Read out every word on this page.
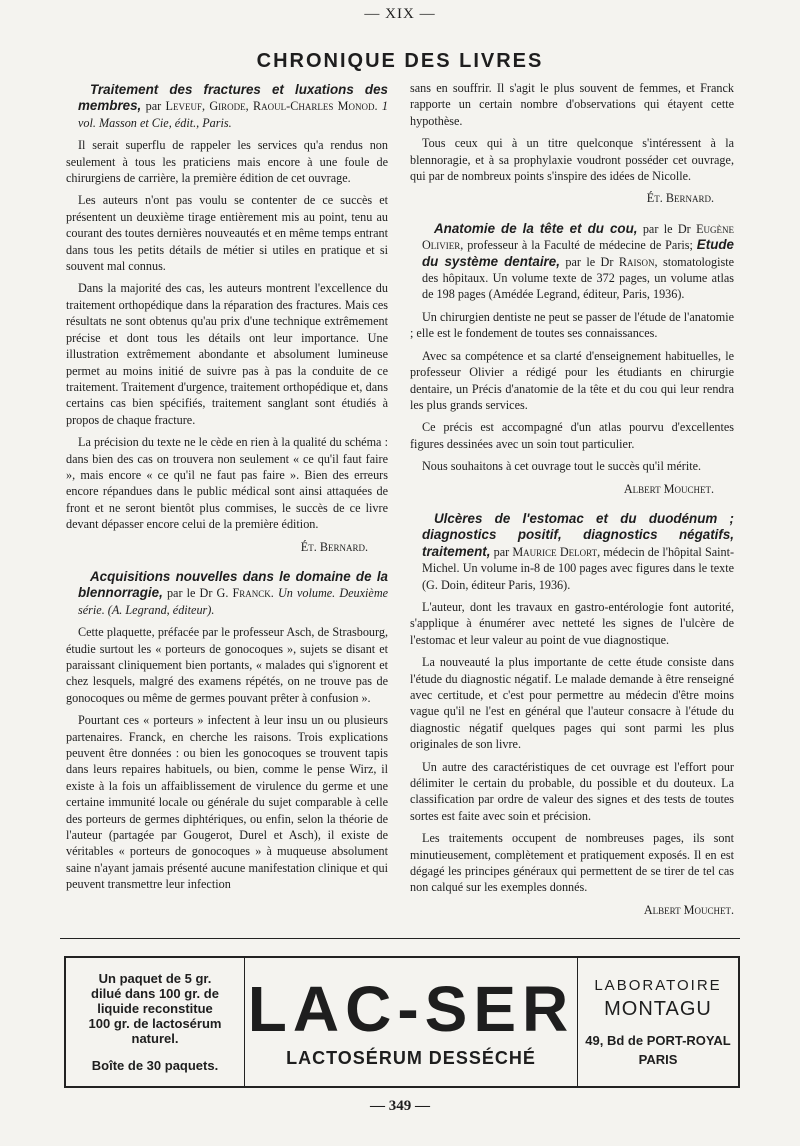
— XIX —
CHRONIQUE DES LIVRES

Traitement des fractures et luxations des membres, par Leveuf, Girode, Raoul-Charles Monod. 1 vol. Masson et Cie, édit., Paris.

Il serait superflu de rappeler les services qu'a rendus non seulement à tous les praticiens mais encore à une foule de chirurgiens de carrière, la première édition de cet ouvrage.

Les auteurs n'ont pas voulu se contenter de ce succès et présentent un deuxième tirage entièrement mis au point, tenu au courant des toutes dernières nouveautés et en même temps entrant dans tous les petits détails de métier si utiles en pratique et si souvent mal connus.

Dans la majorité des cas, les auteurs montrent l'excellence du traitement orthopédique dans la réparation des fractures. Mais ces résultats ne sont obtenus qu'au prix d'une technique extrêmement précise et dont tous les détails ont leur importance. Une illustration extrêmement abondante et absolument lumineuse permet au moins initié de suivre pas à pas la conduite de ce traitement. Traitement d'urgence, traitement orthopédique et, dans certains cas bien spécifiés, traitement sanglant sont étudiés à propos de chaque fracture.

La précision du texte ne le cède en rien à la qualité du schéma : dans bien des cas on trouvera non seulement « ce qu'il faut faire », mais encore « ce qu'il ne faut pas faire ». Bien des erreurs encore répandues dans le public médical sont ainsi attaquées de front et ne seront bientôt plus commises, le succès de ce livre devant dépasser encore celui de la première édition.

Ét. Bernard.

Acquisitions nouvelles dans le domaine de la blennorragie, par le Dr G. Franck. Un volume. Deuxième série. (A. Legrand, éditeur).

Cette plaquette, préfacée par le professeur Asch, de Strasbourg, étudie surtout les « porteurs de gonocoques », sujets se disant et paraissant cliniquement bien portants, « malades qui s'ignorent et chez lesquels, malgré des examens répétés, on ne trouve pas de gonocoques ou même de germes pouvant prêter à confusion ».

Pourtant ces « porteurs » infectent à leur insu un ou plusieurs partenaires. Franck, en cherche les raisons. Trois explications peuvent être données : ou bien les gonocoques se trouvent tapis dans leurs repaires habituels, ou bien, comme le pense Wirz, il existe à la fois un affaiblissement de virulence du germe et une certaine immunité locale ou générale du sujet comparable à celle des porteurs de germes diphtériques, ou enfin, selon la théorie de l'auteur (partagée par Gougerot, Durel et Asch), il existe de véritables « porteurs de gonocoques » à muqueuse absolument saine n'ayant jamais présenté aucune manifestation clinique et qui peuvent transmettre leur infection

sans en souffrir. Il s'agit le plus souvent de femmes, et Franck rapporte un certain nombre d'observations qui étayent cette hypothèse.

Tous ceux qui à un titre quelconque s'intéressent à la blennoragie, et à sa prophylaxie voudront posséder cet ouvrage, qui par de nombreux points s'inspire des idées de Nicolle.

Ét. Bernard.

Anatomie de la tête et du cou, par le Dr Eugène Olivier, professeur à la Faculté de médecine de Paris; Etude du système dentaire, par le Dr Raison, stomatologiste des hôpitaux. Un volume texte de 372 pages, un volume atlas de 198 pages (Amédée Legrand, éditeur, Paris, 1936).

Un chirurgien dentiste ne peut se passer de l'étude de l'anatomie ; elle est le fondement de toutes ses connaissances.

Avec sa compétence et sa clarté d'enseignement habituelles, le professeur Olivier a rédigé pour les étudiants en chirurgie dentaire, un Précis d'anatomie de la tête et du cou qui leur rendra les plus grands services.

Ce précis est accompagné d'un atlas pourvu d'excellentes figures dessinées avec un soin tout particulier.

Nous souhaitons à cet ouvrage tout le succès qu'il mérite.

Albert Mouchet.

Ulcères de l'estomac et du duodénum ; diagnostics positif, diagnostics négatifs, traitement, par Maurice Delort, médecin de l'hôpital Saint-Michel. Un volume in-8 de 100 pages avec figures dans le texte (G. Doin, éditeur Paris, 1936).

L'auteur, dont les travaux en gastro-entérologie font autorité, s'applique à énumérer avec netteté les signes de l'ulcère de l'estomac et leur valeur au point de vue diagnostique.

La nouveauté la plus importante de cette étude consiste dans l'étude du diagnostic négatif. Le malade demande à être renseigné avec certitude, et c'est pour permettre au médecin d'être moins vague qu'il ne l'est en général que l'auteur consacre à l'étude du diagnostic négatif quelques pages qui sont parmi les plus originales de son livre.

Un autre des caractéristiques de cet ouvrage est l'effort pour délimiter le certain du probable, du possible et du douteux. La classification par ordre de valeur des signes et des tests de toutes sortes est faite avec soin et précision.

Les traitements occupent de nombreuses pages, ils sont minutieusement, complètement et pratiquement exposés. Il en est dégagé les principes généraux qui permettent de se tirer de tel cas non calqué sur les exemples donnés.

Albert Mouchet.

Un paquet de 5 gr.
dilué dans 100 gr. de
liquide reconstitue
100 gr. de lactosérum
naturel.
Boîte de 30 paquets.
LAC-SER
LACTOSÉRUM DESSÉCHÉ
LABORATOIRE
MONTAGU
49, Bd de PORT-ROYAL
PARIS
— 349 —
